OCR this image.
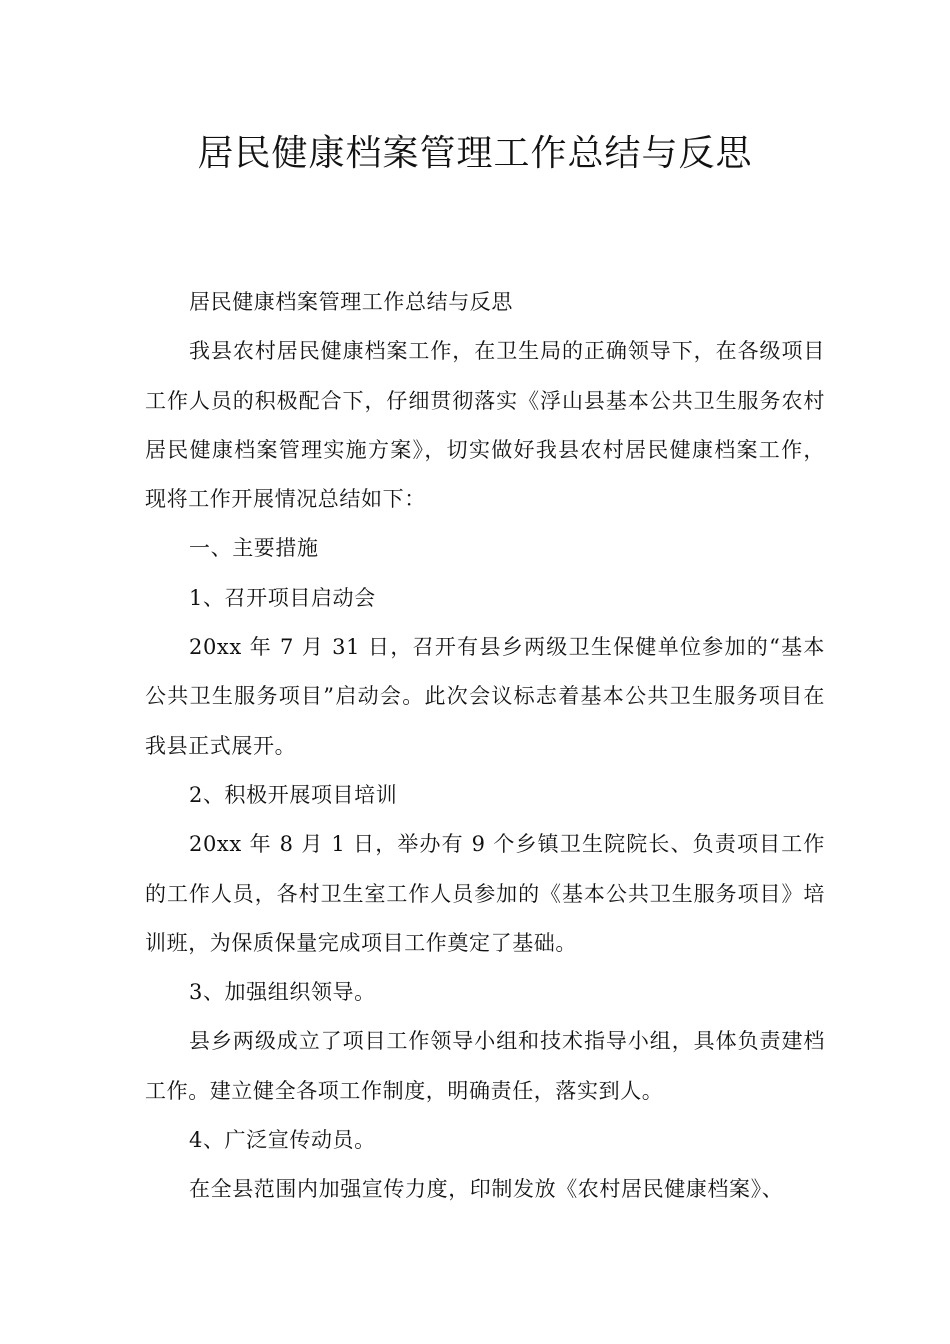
居民健康档案管理工作总结与反思

居民健康档案管理工作总结与反思

我县农村居民健康档案工作，在卫生局的正确领导下，在各级项目工作人员的积极配合下，仔细贯彻落实《浮山县基本公共卫生服务农村居民健康档案管理实施方案》，切实做好我县农村居民健康档案工作，现将工作开展情况总结如下：

一、主要措施

1、召开项目启动会

20xx 年 7 月 31 日，召开有县乡两级卫生保健单位参加的“基本公共卫生服务项目”启动会。此次会议标志着基本公共卫生服务项目在我县正式展开。

2、积极开展项目培训

20xx 年 8 月 1 日，举办有 9 个乡镇卫生院院长、负责项目工作的工作人员，各村卫生室工作人员参加的《基本公共卫生服务项目》培训班，为保质保量完成项目工作奠定了基础。

3、加强组织领导。

县乡两级成立了项目工作领导小组和技术指导小组，具体负责建档工作。建立健全各项工作制度，明确责任，落实到人。

4、广泛宣传动员。

在全县范围内加强宣传力度，印制发放《农村居民健康档案》、
